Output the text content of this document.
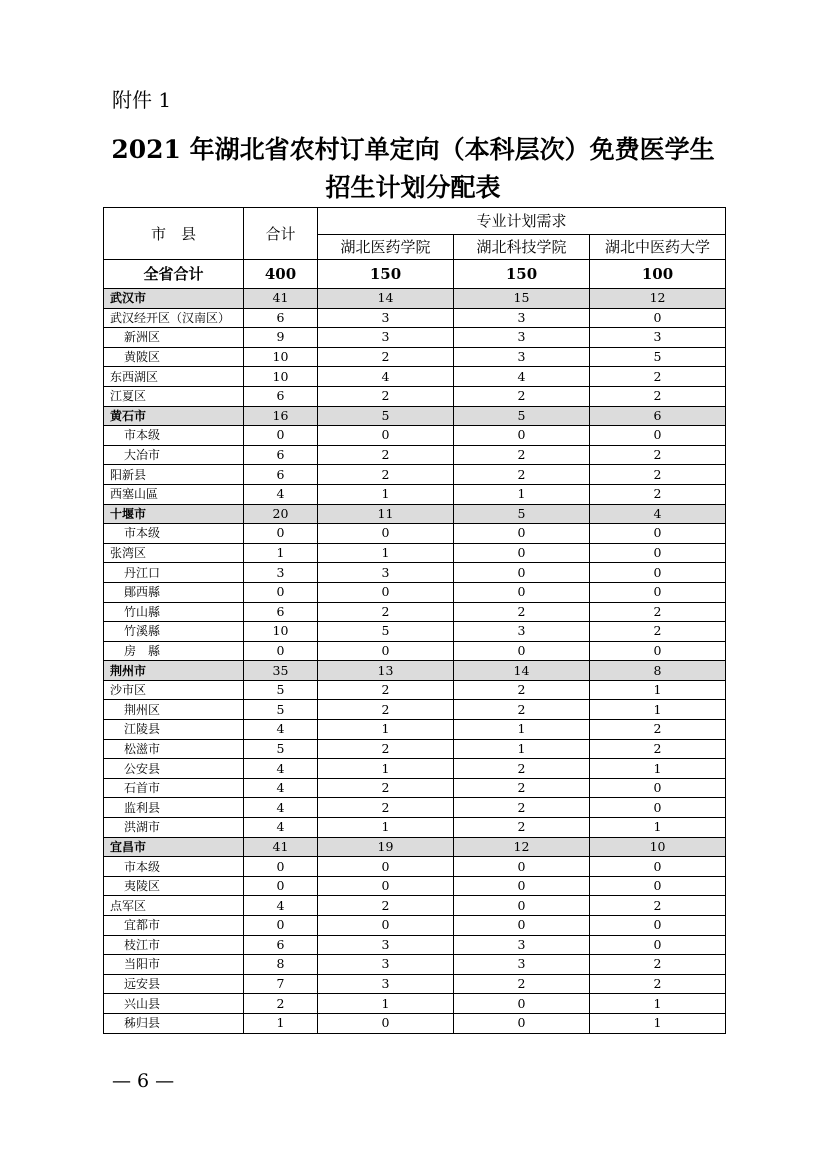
附件 1
2021 年湖北省农村订单定向（本科层次）免费医学生
招生计划分配表
市　县	合计	专业计划需求		
		湖北医药学院	湖北科技学院	湖北中医药大学
全省合计	400	150	150	100
武汉市	41	14	15	12
武汉经开区（汉南区）	6	3	3	0
新洲区	9	3	3	3
黄陂区	10	2	3	5
东西湖区	10	4	4	2
江夏区	6	2	2	2
黄石市	16	5	5	6
市本级	0	0	0	0
大冶市	6	2	2	2
阳新县	6	2	2	2
西塞山區	4	1	1	2
十堰市	20	11	5	4
市本级	0	0	0	0
张湾区	1	1	0	0
丹江口	3	3	0	0
鄖西縣	0	0	0	0
竹山縣	6	2	2	2
竹溪縣	10	5	3	2
房　縣	0	0	0	0
荆州市	35	13	14	8
沙市区	5	2	2	1
荆州区	5	2	2	1
江陵县	4	1	1	2
松滋市	5	2	1	2
公安县	4	1	2	1
石首市	4	2	2	0
监利县	4	2	2	0
洪湖市	4	1	2	1
宜昌市	41	19	12	10
市本级	0	0	0	0
夷陵区	0	0	0	0
点军区	4	2	0	2
宜都市	0	0	0	0
枝江市	6	3	3	0
当阳市	8	3	3	2
远安县	7	3	2	2
兴山县	2	1	0	1
秭归县	1	0	0	1
— 6 —
